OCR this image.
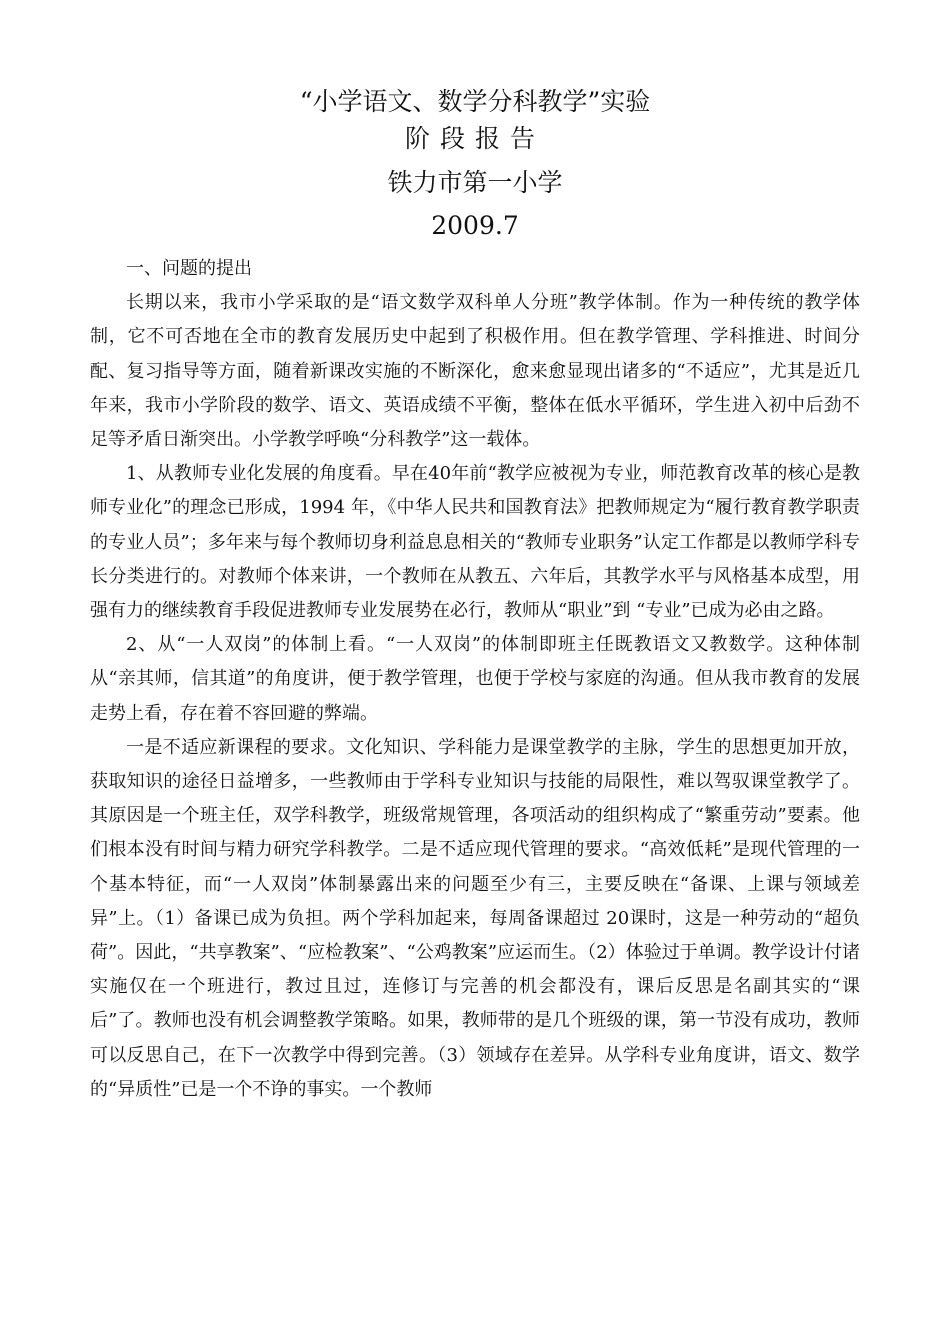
“小学语文、数学分科教学”实验
阶段报告
铁力市第一小学
2009.7

一、问题的提出

长期以来，我市小学采取的是“语文数学双科单人分班”教学体制。作为一种传统的教学体制，它不可否地在全市的教育发展历史中起到了积极作用。但在教学管理、学科推进、时间分配、复习指导等方面，随着新课改实施的不断深化，愈来愈显现出诸多的“不适应”，尤其是近几年来，我市小学阶段的数学、语文、英语成绩不平衡，整体在低水平循环，学生进入初中后劲不足等矛盾日渐突出。小学教学呼唤“分科教学”这一载体。

1、从教师专业化发展的角度看。早在40年前“教学应被视为专业，师范教育改革的核心是教师专业化”的理念已形成，1994 年，《中华人民共和国教育法》把教师规定为“履行教育教学职责的专业人员”；多年来与每个教师切身利益息息相关的“教师专业职务”认定工作都是以教师学科专长分类进行的。对教师个体来讲，一个教师在从教五、六年后，其教学水平与风格基本成型，用强有力的继续教育手段促进教师专业发展势在必行，教师从“职业”到 “专业”已成为必由之路。

2、从“一人双岗”的体制上看。“一人双岗”的体制即班主任既教语文又教数学。这种体制 从“亲其师，信其道”的角度讲，便于教学管理，也便于学校与家庭的沟通。但从我市教育的发展走势上看，存在着不容回避的弊端。

一是不适应新课程的要求。文化知识、学科能力是课堂教学的主脉，学生的思想更加开放，获取知识的途径日益增多，一些教师由于学科专业知识与技能的局限性，难以驾驭课堂教学了。其原因是一个班主任，双学科教学，班级常规管理，各项活动的组织构成了“繁重劳动”要素。他们根本没有时间与精力研究学科教学。二是不适应现代管理的要求。“高效低耗”是现代管理的一个基本特征，而“一人双岗”体制暴露出来的问题至少有三，主要反映在“备课、上课与领域差异”上。（1）备课已成为负担。两个学科加起来，每周备课超过 20课时，这是一种劳动的“超负荷”。因此，“共享教案”、“应检教案”、“公鸡教案”应运而生。（2）体验过于单调。教学设计付诸实施仅在一个班进行，教过且过，连修订与完善的机会都没有，课后反思是名副其实的“课后”了。教师也没有机会调整教学策略。如果，教师带的是几个班级的课，第一节没有成功，教师可以反思自己，在下一次教学中得到完善。（3）领域存在差异。从学科专业角度讲，语文、数学的“异质性”已是一个不诤的事实。一个教师
